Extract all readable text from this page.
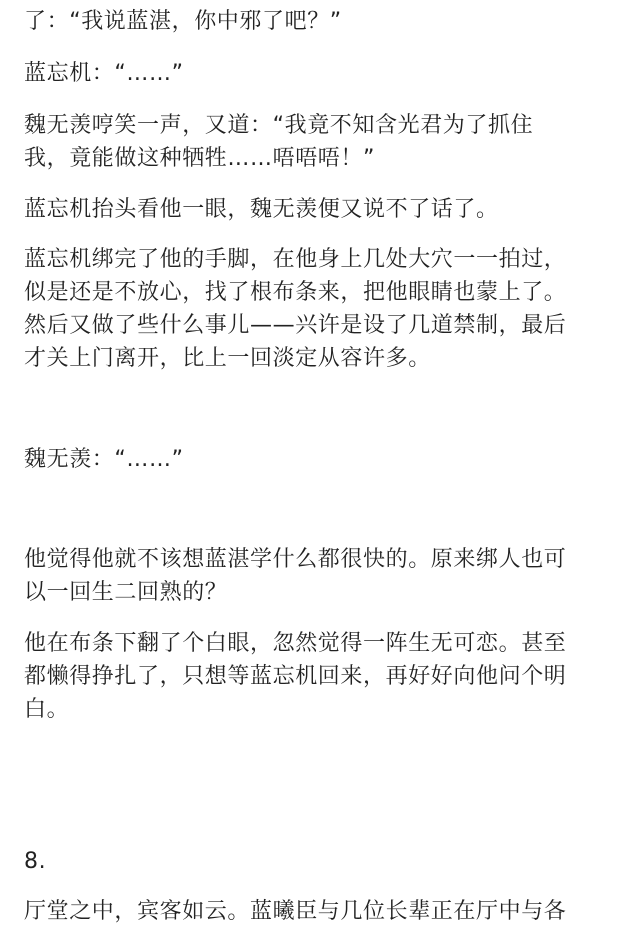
了：“我说蓝湛，你中邪了吧？”

蓝忘机：“……”

魏无羡哼笑一声，又道：“我竟不知含光君为了抓住
我，竟能做这种牺牲……唔唔唔！”

蓝忘机抬头看他一眼，魏无羡便又说不了话了。

蓝忘机绑完了他的手脚，在他身上几处大穴一一拍过，
似是还是不放心，找了根布条来，把他眼睛也蒙上了。
然后又做了些什么事儿——兴许是设了几道禁制，最后
才关上门离开，比上一回淡定从容许多。

魏无羡：“……”

他觉得他就不该想蓝湛学什么都很快的。原来绑人也可
以一回生二回熟的？

他在布条下翻了个白眼，忽然觉得一阵生无可恋。甚至
都懒得挣扎了，只想等蓝忘机回来，再好好向他问个明
白。

8.

厅堂之中，宾客如云。蓝曦臣与几位长辈正在厅中与各
